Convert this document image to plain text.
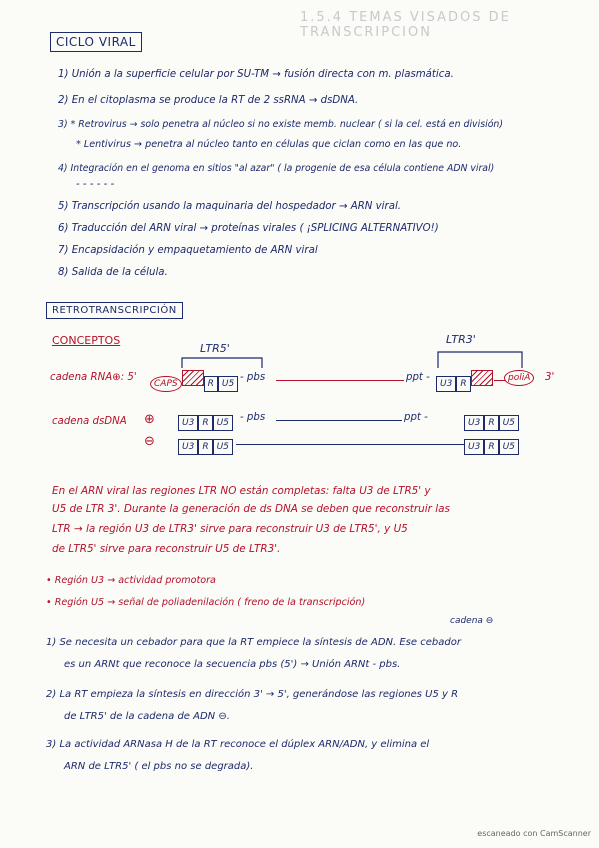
1.5.4 TEMAS VISADOS DE TRANSCRIPCION
CICLO VIRAL
1) Unión a la superficie celular por SU-TM → fusión directa con m. plasmática.
2) En el citoplasma se produce la RT de 2 ssRNA → dsDNA.
3) * Retrovirus → solo penetra al núcleo si no existe memb. nuclear ( si la cel. está en división)
* Lentivirus → penetra al núcleo tanto en células que ciclan como en las que no.
4) Integración en el genoma en sitios "al azar" ( la progenie de esa célula contiene ADN viral)
- - - - - -
5) Transcripción usando la maquinaria del hospedador → ARN viral.
6) Traducción del ARN viral → proteínas virales ( ¡SPLICING ALTERNATIVO!)
7) Encapsidación y empaquetamiento de ARN viral
8) Salida de la célula.
RETROTRANSCRIPCIÓN
CONCEPTOS
LTR5'
LTR3'
cadena RNA⊕: 5'
CAPS	R U5
- pbs	ppt -
U3 R
poliA	3'
cadena dsDNA ⊕
⊖
U3 R U5	- pbs	ppt -	U3 R U5
U3 R U5	U3 R U5
En el ARN viral las regiones LTR NO están completas: falta U3 de LTR5' y
U5 de LTR 3'. Durante la generación de ds DNA se deben que reconstruir las
LTR → la región U3 de LTR3' sirve para reconstruir U3 de LTR5', y U5
de LTR5' sirve para reconstruir U5 de LTR3'.
• Región U3 → actividad promotora
• Región U5 → señal de poliadenilación ( freno de la transcripción)
cadena ⊖
1) Se necesita un cebador para que la RT empiece la síntesis de ADN. Ese cebador
es un ARNt que reconoce la secuencia pbs (5') → Unión ARNt - pbs.
2) La RT empieza la síntesis en dirección 3' → 5', generándose las regiones U5 y R
de LTR5' de la cadena de ADN ⊖.
3) La actividad ARNasa H de la RT reconoce el dúplex ARN/ADN, y elimina el
ARN de LTR5' ( el pbs no se degrada).
escaneado con CamScanner
